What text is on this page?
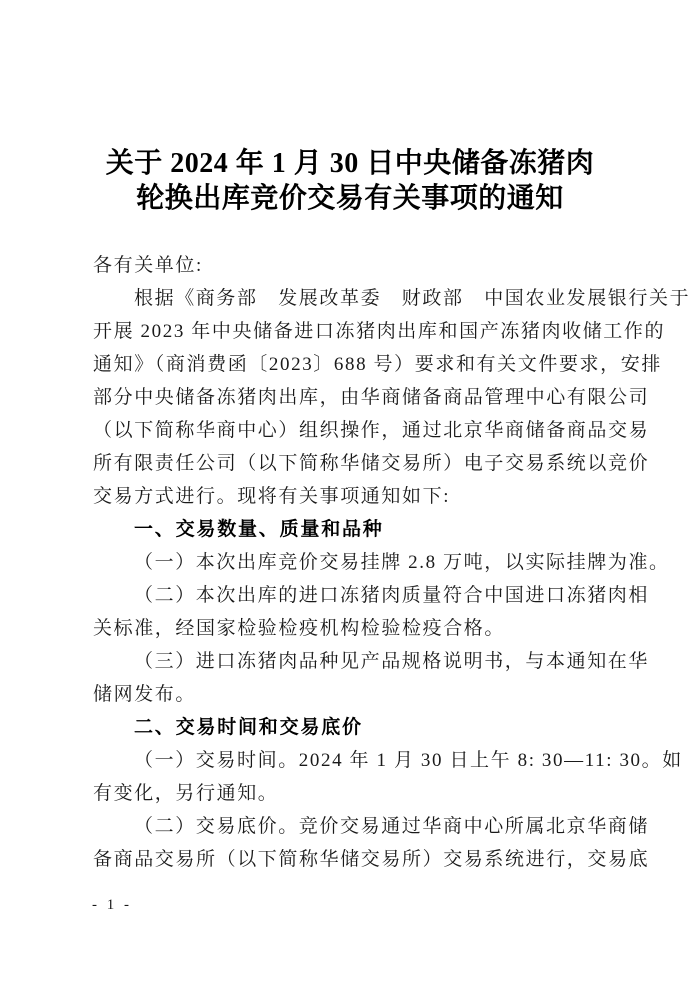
关于 2024 年 1 月 30 日中央储备冻猪肉
轮换出库竞价交易有关事项的通知
各有关单位:
根据《商务部　发展改革委　财政部　中国农业发展银行关于
开展 2023 年中央储备进口冻猪肉出库和国产冻猪肉收储工作的
通知》（商消费函〔2023〕688 号）要求和有关文件要求，安排
部分中央储备冻猪肉出库，由华商储备商品管理中心有限公司
（以下简称华商中心）组织操作，通过北京华商储备商品交易
所有限责任公司（以下简称华储交易所）电子交易系统以竞价
交易方式进行。现将有关事项通知如下:
一、交易数量、质量和品种
（一）本次出库竞价交易挂牌 2.8 万吨，以实际挂牌为准。
（二）本次出库的进口冻猪肉质量符合中国进口冻猪肉相
关标准，经国家检验检疫机构检验检疫合格。
（三）进口冻猪肉品种见产品规格说明书，与本通知在华
储网发布。
二、交易时间和交易底价
（一）交易时间。2024 年 1 月 30 日上午 8: 30—11: 30。如
有变化，另行通知。
（二）交易底价。竞价交易通过华商中心所属北京华商储
备商品交易所（以下简称华储交易所）交易系统进行，交易底
- 1 -
